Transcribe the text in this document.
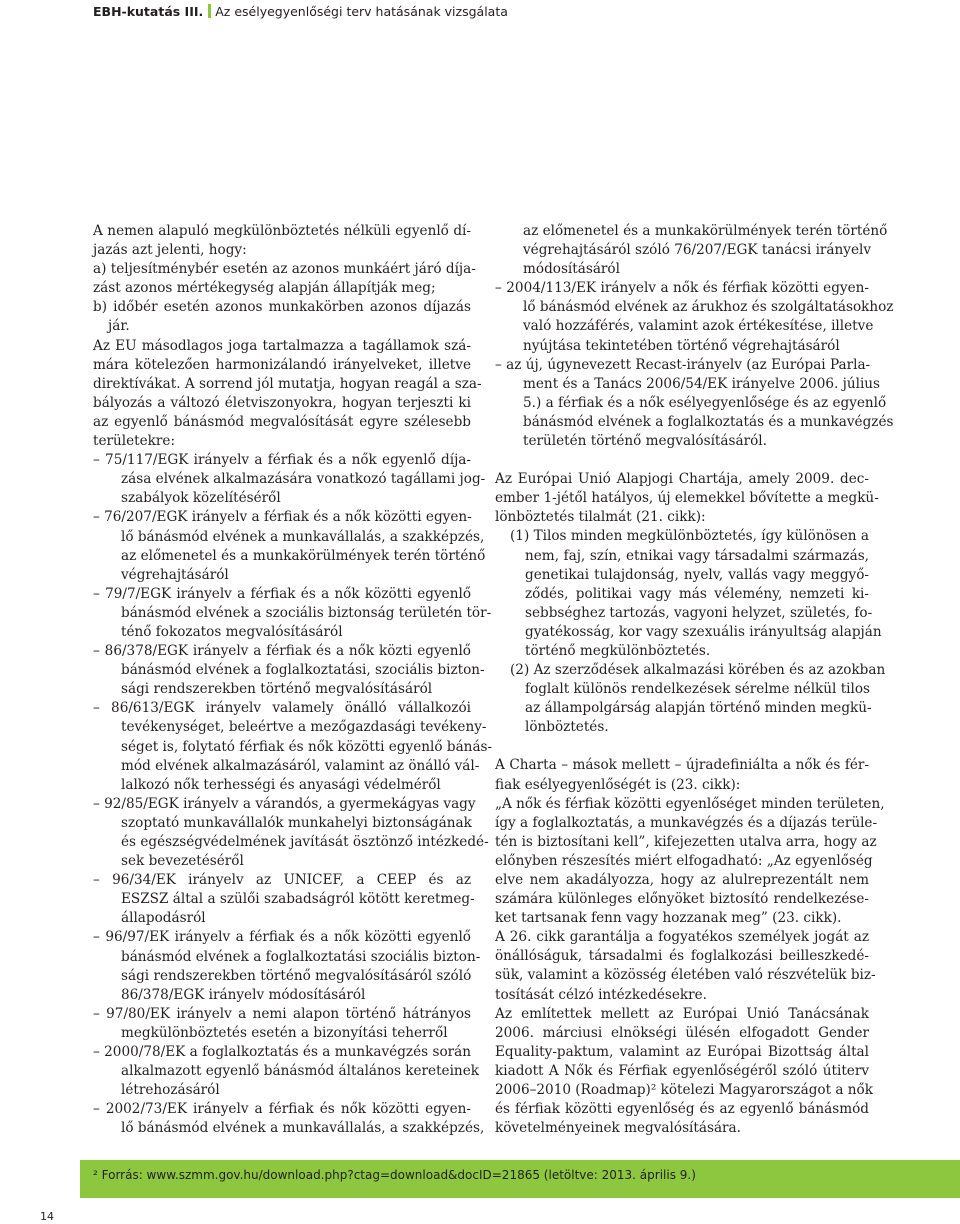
EBH-kutatás III. Az esélyegyenlőségi terv hatásának vizsgálata
A nemen alapuló megkülönböztetés nélküli egyenlő dí-
jazás azt jelenti, hogy:
a) teljesítménybér esetén az azonos munkáért járó díja-
zást azonos mértékegység alapján állapítják meg;
b) időbér esetén azonos munkakörben azonos díjazás
jár.
Az EU másodlagos joga tartalmazza a tagállamok szá-
mára kötelezően harmonizálandó irányelveket, illetve
direktívákat. A sorrend jól mutatja, hogyan reagál a sza-
bályozás a változó életviszonyokra, hogyan terjeszti ki
az egyenlő bánásmód megvalósítását egyre szélesebb
területekre:
– 75/117/EGK irányelv a férfiak és a nők egyenlő díja-
zása elvének alkalmazására vonatkozó tagállami jog-
szabályok közelítéséről
– 76/207/EGK irányelv a férfiak és a nők közötti egyen-
lő bánásmód elvének a munkavállalás, a szakképzés,
az előmenetel és a munkakörülmények terén történő
végrehajtásáról
– 79/7/EGK irányelv a férfiak és a nők közötti egyenlő
bánásmód elvének a szociális biztonság területén tör-
ténő fokozatos megvalósításáról
– 86/378/EGK irányelv a férfiak és a nők közti egyenlő
bánásmód elvének a foglalkoztatási, szociális bizton-
sági rendszerekben történő megvalósításáról
– 86/613/EGK irányelv valamely önálló vállalkozói
tevékenységet, beleértve a mezőgazdasági tevékeny-
séget is, folytató férfiak és nők közötti egyenlő bánás-
mód elvének alkalmazásáról, valamint az önálló vál-
lalkozó nők terhességi és anyasági védelméről
– 92/85/EGK irányelv a várandós, a gyermekágyas vagy
szoptató munkavállalók munkahelyi biztonságának
és egészségvédelmének javítását ösztönző intézkedé-
sek bevezetéséről
– 96/34/EK irányelv az UNICEF, a CEEP és az
ESZSZ által a szülői szabadságról kötött keretmeg-
állapodásról
– 96/97/EK irányelv a férfiak és a nők közötti egyenlő
bánásmód elvének a foglalkoztatási szociális bizton-
sági rendszerekben történő megvalósításáról szóló
86/378/EGK irányelv módosításáról
– 97/80/EK irányelv a nemi alapon történő hátrányos
megkülönböztetés esetén a bizonyítási teherről
– 2000/78/EK a foglalkoztatás és a munkavégzés során
alkalmazott egyenlő bánásmód általános kereteinek
létrehozásáról
– 2002/73/EK irányelv a férfiak és nők közötti egyen-
lő bánásmód elvének a munkavállalás, a szakképzés,
az előmenetel és a munkakörülmények terén történő
végrehajtásáról szóló 76/207/EGK tanácsi irányelv
módosításáról
– 2004/113/EK irányelv a nők és férfiak közötti egyen-
lő bánásmód elvének az árukhoz és szolgáltatásokhoz
való hozzáférés, valamint azok értékesítése, illetve
nyújtása tekintetében történő végrehajtásáról
– az új, úgynevezett Recast-irányelv (az Európai Parla-
ment és a Tanács 2006/54/EK irányelve 2006. július
5.) a férfiak és a nők esélyegyenlősége és az egyenlő
bánásmód elvének a foglalkoztatás és a munkavégzés
területén történő megvalósításáról.
Az Európai Unió Alapjogi Chartája, amely 2009. dec-
ember 1-jétől hatályos, új elemekkel bővítette a megkü-
lönböztetés tilalmát (21. cikk):
(1) Tilos minden megkülönböztetés, így különösen a
nem, faj, szín, etnikai vagy társadalmi származás,
genetikai tulajdonság, nyelv, vallás vagy meggyő-
ződés, politikai vagy más vélemény, nemzeti ki-
sebbséghez tartozás, vagyoni helyzet, születés, fo-
gyatékosság, kor vagy szexuális irányultság alapján
történő megkülönböztetés.
(2) Az szerződések alkalmazási körében és az azokban
foglalt különös rendelkezések sérelme nélkül tilos
az állampolgárság alapján történő minden megkü-
lönböztetés.
A Charta – mások mellett – újradefiniálta a nők és fér-
fiak esélyegyenlőségét is (23. cikk):
„A nők és férfiak közötti egyenlőséget minden területen,
így a foglalkoztatás, a munkavégzés és a díjazás terüle-
tén is biztosítani kell”, kifejezetten utalva arra, hogy az
előnyben részesítés miért elfogadható: „Az egyenlőség
elve nem akadályozza, hogy az alulreprezentált nem
számára különleges előnyöket biztosító rendelkezése-
ket tartsanak fenn vagy hozzanak meg” (23. cikk).
A 26. cikk garantálja a fogyatékos személyek jogát az
önállóságuk, társadalmi és foglalkozási beilleszkedé-
sük, valamint a közösség életében való részvételük biz-
tosítását célzó intézkedésekre.
Az említettek mellett az Európai Unió Tanácsának
2006. márciusi elnökségi ülésén elfogadott Gender
Equality-paktum, valamint az Európai Bizottság által
kiadott A Nők és Férfiak egyenlőségéről szóló útiterv
2006–2010 (Roadmap)² kötelezi Magyarországot a nők
és férfiak közötti egyenlőség és az egyenlő bánásmód
követelményeinek megvalósítására.
² Forrás: www.szmm.gov.hu/download.php?ctag=download&docID=21865 (letöltve: 2013. április 9.)
14
